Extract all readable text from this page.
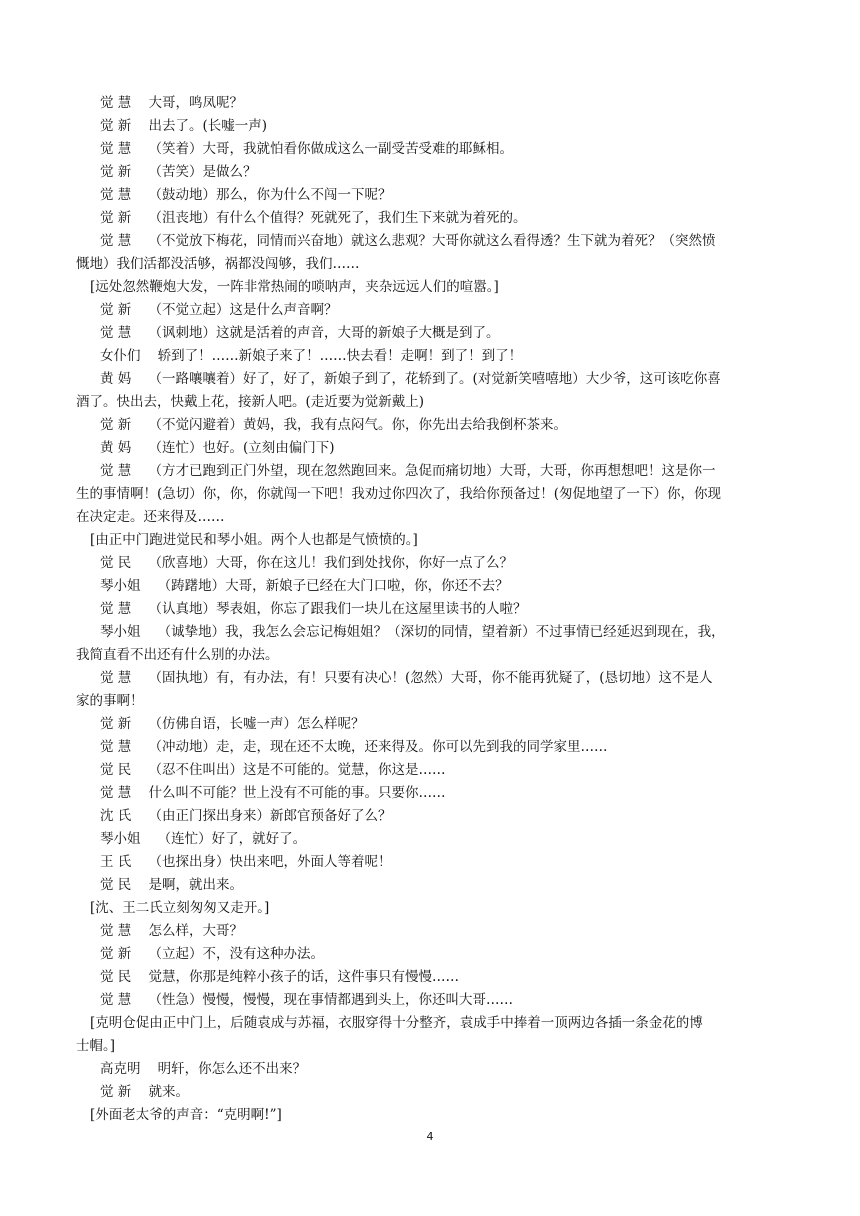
觉 慧 大哥，鸣凤呢？

觉 新 出去了。(长嘘一声)

觉 慧 （笑着）大哥，我就怕看你做成这么一副受苦受难的耶稣相。

觉 新 （苦笑）是做么？

觉 慧 （鼓动地）那么，你为什么不闯一下呢？

觉 新 （沮丧地）有什么个值得？死就死了，我们生下来就为着死的。

觉 慧 （不觉放下梅花，同情而兴奋地）就这么悲观？大哥你就这么看得透？生下就为着死？（突然愤

慨地）我们活都没活够，祸都没闯够，我们……

[远处忽然鞭炮大发，一阵非常热闹的唢呐声，夹杂远远人们的喧嚣。]

觉 新 （不觉立起）这是什么声音啊？

觉 慧 （讽刺地）这就是活着的声音，大哥的新娘子大概是到了。

女仆们 轿到了！……新娘子来了！……快去看！走啊！到了！到了！

黄 妈 （一路嚷嚷着）好了，好了，新娘子到了，花轿到了。(对觉新笑嘻嘻地）大少爷，这可该吃你喜

酒了。快出去，快戴上花，接新人吧。(走近要为觉新戴上)

觉 新 （不觉闪避着）黄妈，我，我有点闷气。你，你先出去给我倒杯茶来。

黄 妈 （连忙）也好。(立刻由偏门下)

觉 慧 （方才已跑到正门外望，现在忽然跑回来。急促而痛切地）大哥，大哥，你再想想吧！这是你一

生的事情啊！(急切）你，你，你就闯一下吧！我劝过你四次了，我给你预备过！(匆促地望了一下）你，你现

在决定走。还来得及……

[由正中门跑进觉民和琴小姐。两个人也都是气愤愤的。]

觉 民 （欣喜地）大哥，你在这儿！我们到处找你，你好一点了么？

琴小姐 （踌躇地）大哥，新娘子已经在大门口啦，你，你还不去？

觉 慧 （认真地）琴表姐，你忘了跟我们一块儿在这屋里读书的人啦？

琴小姐 （诚挚地）我，我怎么会忘记梅姐姐？（深切的同情，望着新）不过事情已经延迟到现在，我，

我简直看不出还有什么别的办法。

觉 慧 （固执地）有，有办法，有！只要有决心！(忽然）大哥，你不能再犹疑了，(恳切地）这不是人

家的事啊！

觉 新 （仿佛自语，长嘘一声）怎么样呢？

觉 慧 （冲动地）走，走，现在还不太晚，还来得及。你可以先到我的同学家里……

觉 民 （忍不住叫出）这是不可能的。觉慧，你这是……

觉 慧 什么叫不可能？世上没有不可能的事。只要你……

沈 氏 （由正门探出身来）新郎官预备好了么？

琴小姐 （连忙）好了，就好了。

王 氏 （也探出身）快出来吧，外面人等着呢！

觉 民 是啊，就出来。

[沈、王二氏立刻匆匆又走开。]

觉 慧 怎么样，大哥？

觉 新 （立起）不，没有这种办法。

觉 民 觉慧，你那是纯粹小孩子的话，这件事只有慢慢……

觉 慧 （性急）慢慢，慢慢，现在事情都遇到头上，你还叫大哥……

[克明仓促由正中门上，后随袁成与苏福，衣服穿得十分整齐，袁成手中捧着一顶两边各插一条金花的博

士帽。]

高克明 明轩，你怎么还不出来？

觉 新 就来。

[外面老太爷的声音：“克明啊!”]

4
